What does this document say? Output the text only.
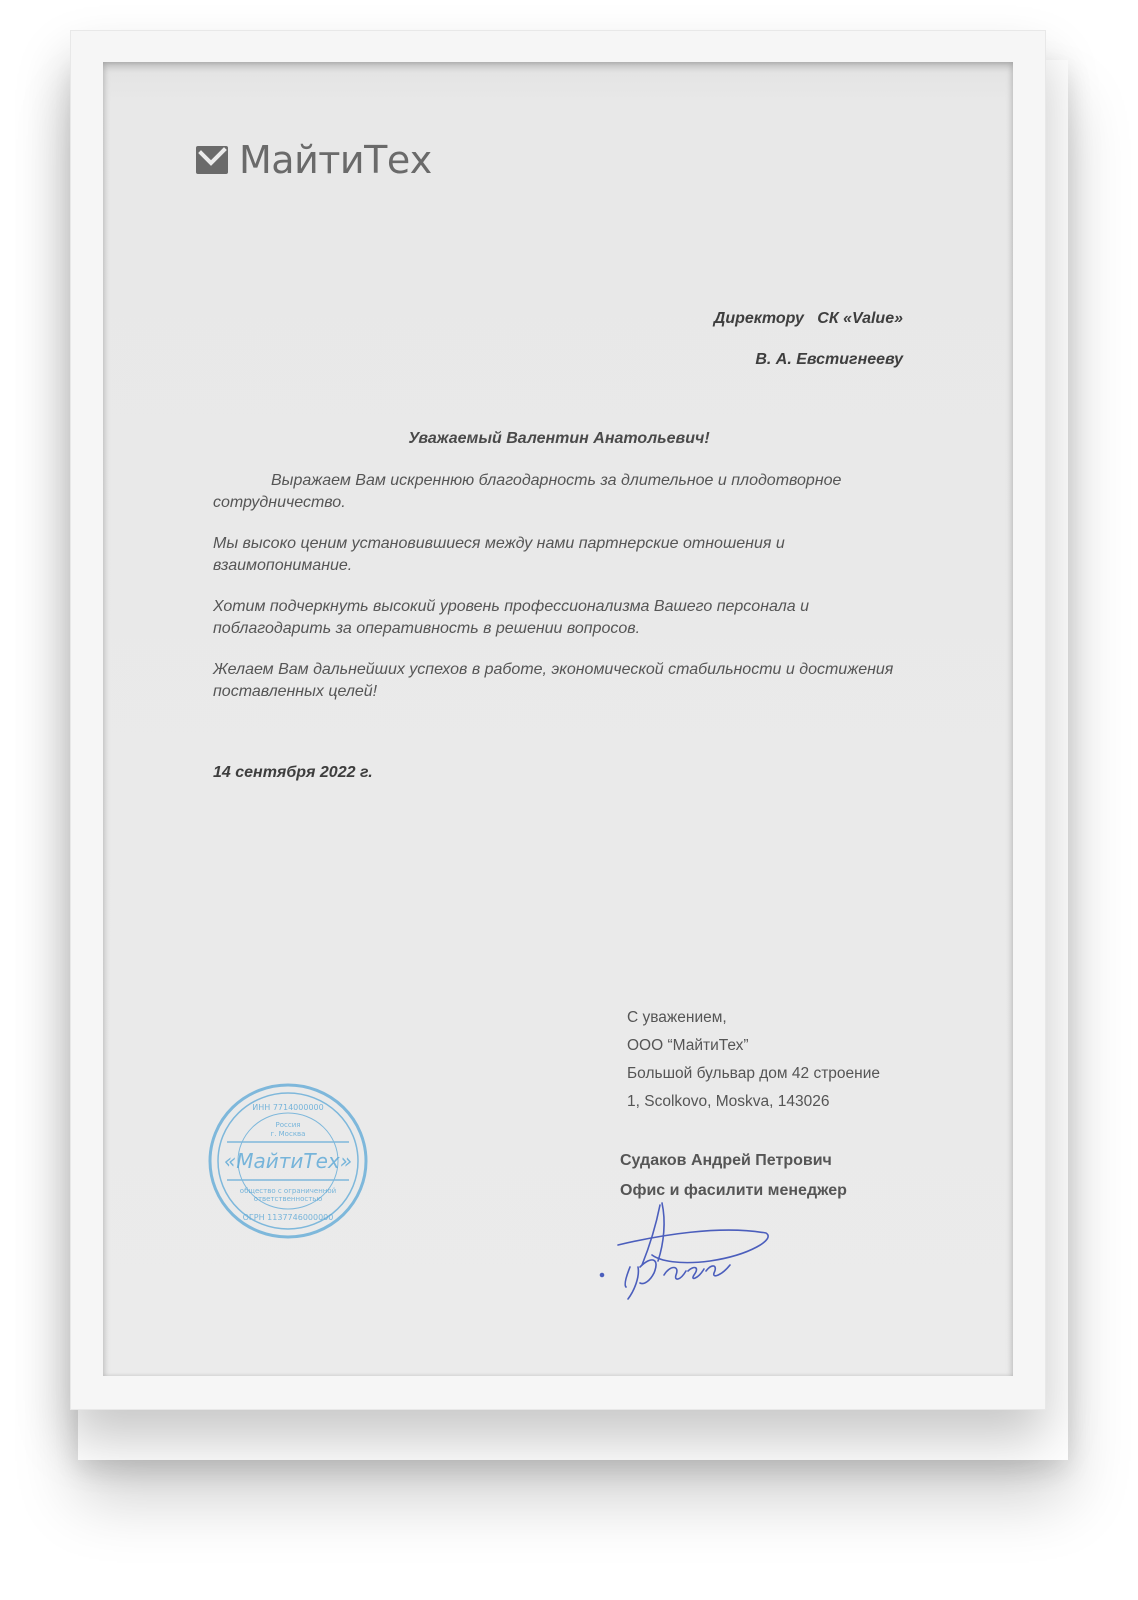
МайтиТех
Директору   СК «Value»
В. А. Евстигнееву
Уважаемый Валентин Анатольевич!

Выражаем Вам искреннюю благодарность за длительное и плодотворное сотрудничество.

Мы высоко ценим установившиеся между нами партнерские отношения и взаимопонимание.

Хотим подчеркнуть высокий уровень профессионализма Вашего персонала и поблагодарить за оперативность в решении вопросов.

Желаем Вам дальнейших успехов в работе, экономической стабильности и достижения поставленных целей!

14 сентября 2022 г.
С уважением,
ООО “МайтиТех”
Большой бульвар дом 42 строение
1, Scolkovo, Moskva, 143026
Судаков Андрей Петрович
Офис и фасилити менеджер
ИНН 7714000000
Россия
г. Москва
«МайтиТех»
общество с ограниченной
ответственностью
ОГРН 1137746000000
